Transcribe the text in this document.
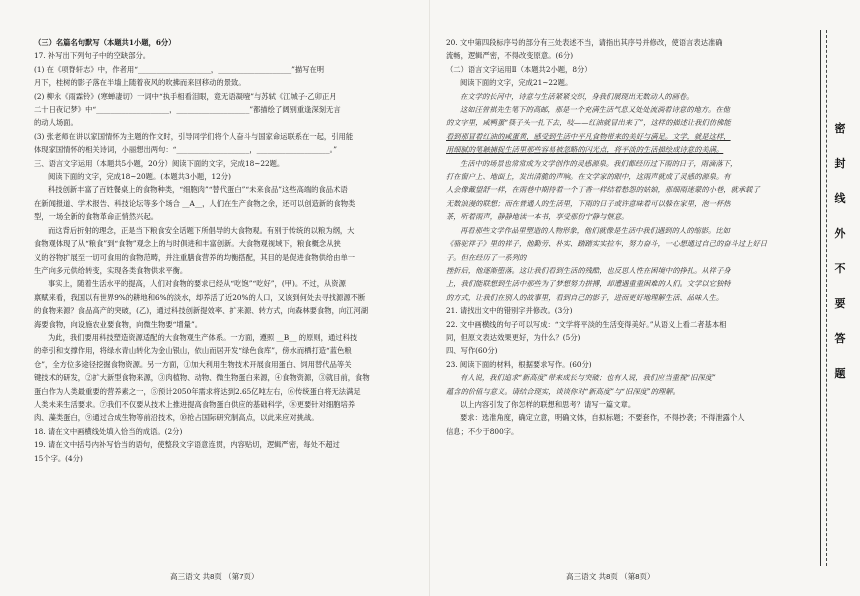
（三）名篇名句默写（本题共1小题，6分）
17. 补写出下列句子中的空缺部分。
(1) 在《项脊轩志》中，作者用“____________________，____________________”描写在明
月下，桂树的影子落在半墙上随着夜风的吹拂而来回移动的景致。
(2) 柳永《雨霖铃》(寒蝉凄切）一词中“执手相看泪眼，竟无语凝噎”与苏轼《江城子·乙卯正月
二十日夜记梦》中“____________________，____________________”都描绘了阔别重逢深刻无言
的动人场面。
(3) 张老师在讲以家国情怀为主题的作文时，引导同学们将个人奋斗与国家命运联系在一起，引用能
体现家国情怀的相关诗词，小丽想出两句：“____________________，____________________。”
三、语言文字运用（本题共5小题，20分）阅读下面的文字，完成18~22题。
阅读下面的文字，完成18~20题。(本题共3小题，12分)
科技创新丰富了百姓餐桌上的食物种类，“细胞肉”“替代蛋白”“未来食品”这些高端的食品术语
在新闻报道、学术报告、科技论坛等多个场合 __A__，人们在生产食物之余，还可以创造新的食物类
型，一场全新的食物革命正悄然兴起。
而这背后折射的理念，正是当下粮食安全话题下所倡导的大食物观。有别于传统的以粮为纲，大
食物观体现了从“粮食”到“食物”观念上的与时俱进和丰富创新。大食物观视域下，粮食概念从狭
义的谷物扩展至一切可食用的食物范畴，并注重膳食营养的均衡搭配，其目的是促进食物供给由单一
生产向多元供给转变，实现各类食物供求平衡。
事实上，随着生活水平的提高，人们对食物的要求已经从“吃饱”“吃好”，(甲)。不过，从资源
禀赋来看，我国以有世界9%的耕地和6%的淡水，却养活了近20%的人口，又该到何处去寻找源源不断
的食物来源？食品高产的突破，(乙)，通过科技创新提效率、扩来源、转方式，向森林要食物，向江河湖
海要食物，向设施农业要食物，向微生物要“增量”。
为此，我们要用科技塑造资源适配的大食物观生产体系。一方面，遵照 __B__ 的原则，通过科技
的牵引和支撑作用，将绿水青山转化为金山银山，依山而居开发“绿色食库”，傍水而栖打造“蓝色粮
仓”，全方位多途径挖掘食物资源。另一方面，①加大利用生物技术开展食用蛋白、饲用替代品等关
键技术的研发，②扩大新型食物来源，③肉植物、动物、微生物蛋白来源，④食物资源，③就目前，食物
蛋白作为人类最重要的营养素之一，⑤预计2050年需求将达到2.65亿吨左右，⑥传统蛋白将无法满足
人类未来生活要求。⑦我们不仅要从技术上推进提高食物蛋白供应的基础科学，⑧更要针对细胞培养
肉、藻类蛋白，⑨通过合成生物等前沿技术，⑩抢占国际研究制高点，以此来应对挑战。
18. 请在文中画横线处填入恰当的成语。(2分)
19. 请在文中括号内补写恰当的语句，使整段文字语意连贯，内容贴切，逻辑严密，每处不超过
15个字。(4分)
高三语文 共8页 （第7页）
20. 文中第四段标序号的部分有三处表述不当，请指出其序号并修改，使语言表达准确
流畅，逻辑严密，不得改变原意。(6分)
（二）语言文字运用Ⅱ（本题共2小题，8分）
阅读下面的文字，完成21~22题。
在文学的长河中，诗意与生活紧紧交织，身我们展现出无数动人的画卷。
这如汪曾祺先生笔下的高邮，那是一个充满生活气息又处处流淌着诗意的地方。在他
的文字里，咸鸭蛋“筷子头一扎下去，吱——红油就冒出来了”，这样的描述让我们仿佛能
看到那冒着红油的咸蛋黄，感受到生活中平凡食物带来的美好与满足。文学，就是这样，
用细腻的笔触捕捉生活里那些容易被忽略的闪光点，将平淡的生活描绘成诗意的美满。
生活中的场景也常常成为文学创作的灵感源泉。我们都经历过下雨的日子，雨滴落下，
打在窗户上、地面上，发出清脆的声响。在文学家的眼中，这雨声就成了灵感的源泉。有
人会像戴望舒一样，在雨巷中期待着一个丁香一样结着愁怨的姑娘，那细雨迷蒙的小巷，就承载了
无数浪漫的联想；而在普通人的生活里，下雨的日子或许意味着可以躲在家里，泡一杯热
茶，听着雨声，静静地读一本书，享受那份宁静与惬意。
再看那些文学作品里塑造的人物形象，他们就像是生活中我们遇到的人的缩影。比如
《骆驼祥子》里的祥子，他勤劳、朴实、踏踏实实拉车，努力奋斗，一心想通过自己的奋斗过上好日
子。但在经历了一系列的
挫折后，他逐渐堕落。这让我们看到生活的残酷，也反思人性在困境中的挣扎。从祥子身
上，我们能联想到生活中那些为了梦想努力拼搏，却遭遇重重困难的人们。文学以它独特
的方式，让我们在别人的故事里，看到自己的影子，进而更好地理解生活、品味人生。
21. 请找出文中的错别字并修改。(3分)
22. 文中画横线的句子可以写成：“文学将平淡的生活变得美好。”从语义上看二者基本相
同，但原文表达效果更好，为什么？(5分)
四、写作(60分)
23. 阅读下面的材料，根据要求写作。(60分)
有人说，我们追求“新高度”带来成长与突破；也有人说，我们应当重视“旧深度”
蕴含的价值与意义。请结合现实，谈谈你对“新高度”与“旧深度”的理解。
以上内容引发了你怎样的联想和思考？请写一篇文章。
要求：选准角度，确定立意，明确文体，自拟标题；不要套作，不得抄袭；不得泄露个人
信息；不少于800字。
高三语文 共8页 （第8页）
密
封
线
外
不
要
答
题
